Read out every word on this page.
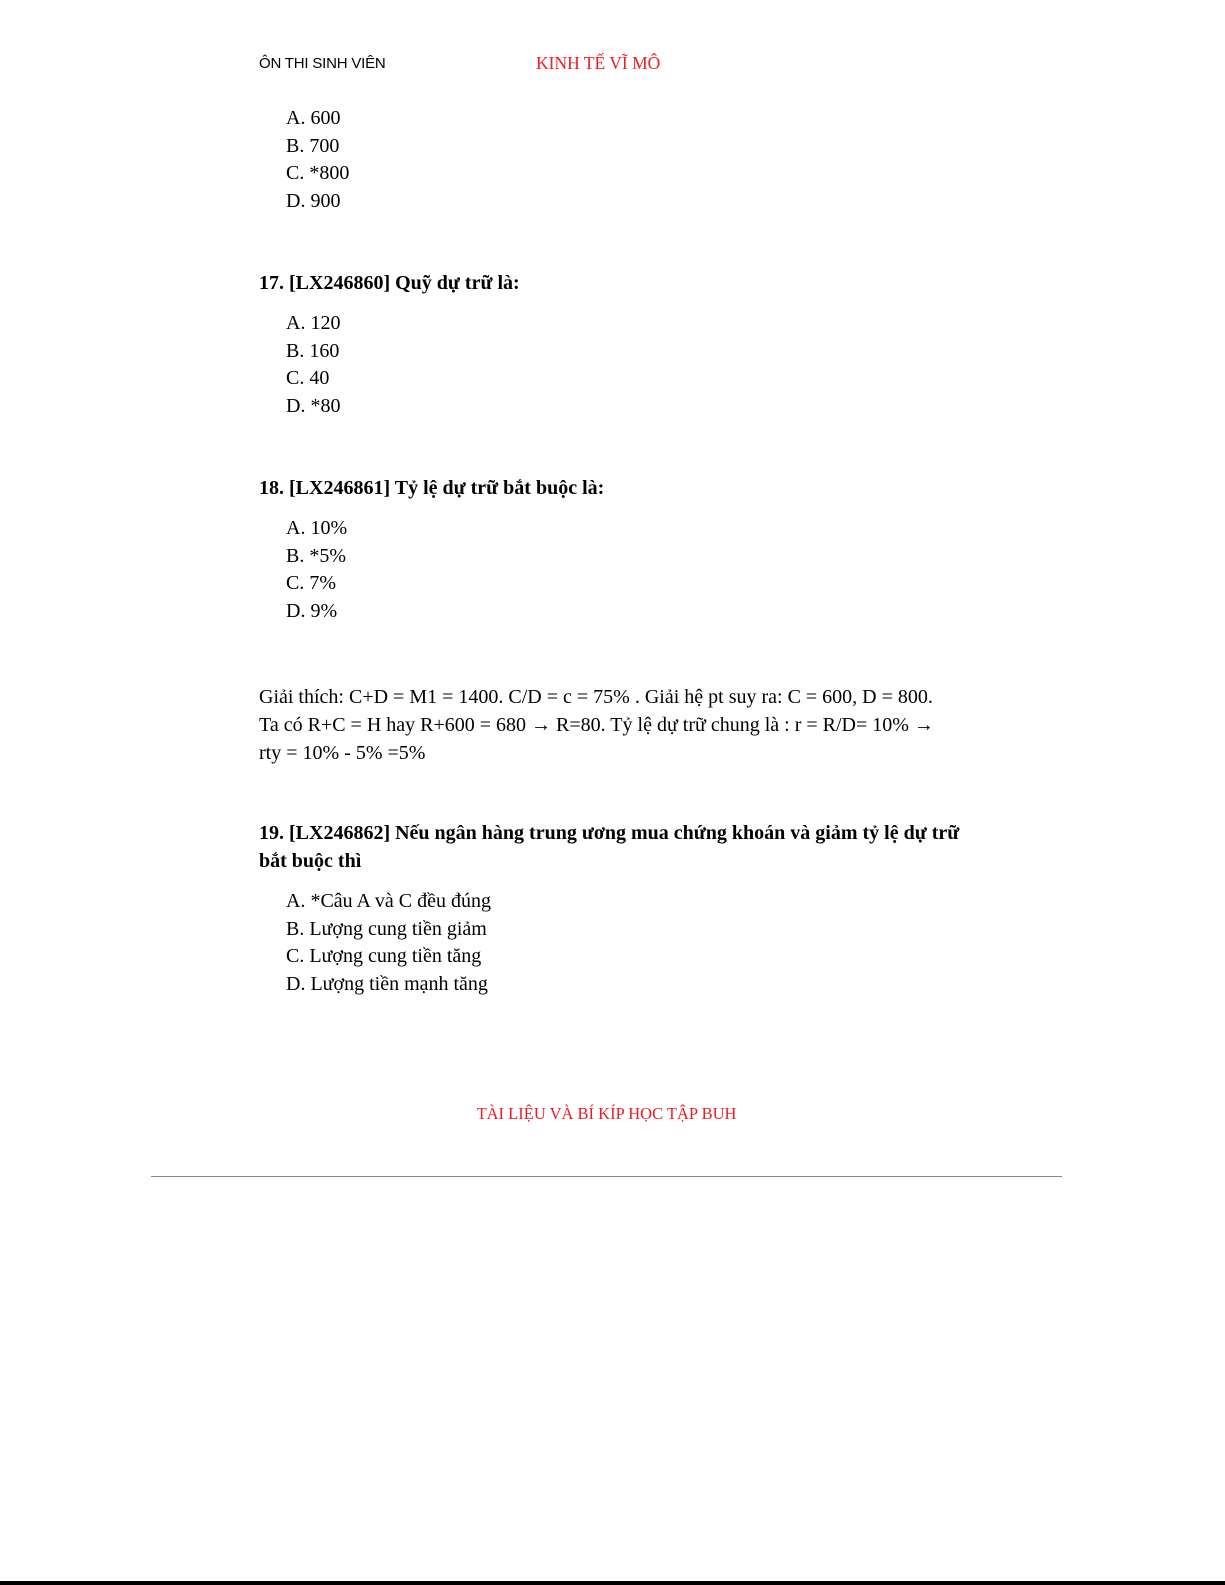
ÔN THI SINH VIÊN	KINH TẾ VĨ MÔ
A. 600
B. 700
C. *800
D. 900

17. [LX246860] Quỹ dự trữ là:

A. 120
B. 160
C. 40
D. *80

18. [LX246861] Tỷ lệ dự trữ bắt buộc là:

A. 10%
B. *5%
C. 7%
D. 9%

Giải thích: C+D = M1 = 1400. C/D = c = 75% . Giải hệ pt suy ra: C = 600, D = 800. Ta có R+C = H hay R+600 = 680 → R=80. Tỷ lệ dự trữ chung là : r = R/D= 10% → rty = 10% - 5% =5%

19. [LX246862] Nếu ngân hàng trung ương mua chứng khoán và giảm tỷ lệ dự trữ bắt buộc thì

A. *Câu A và C đều đúng
B. Lượng cung tiền giảm
C. Lượng cung tiền tăng
D. Lượng tiền mạnh tăng
TÀI LIỆU VÀ BÍ KÍP HỌC TẬP BUH
